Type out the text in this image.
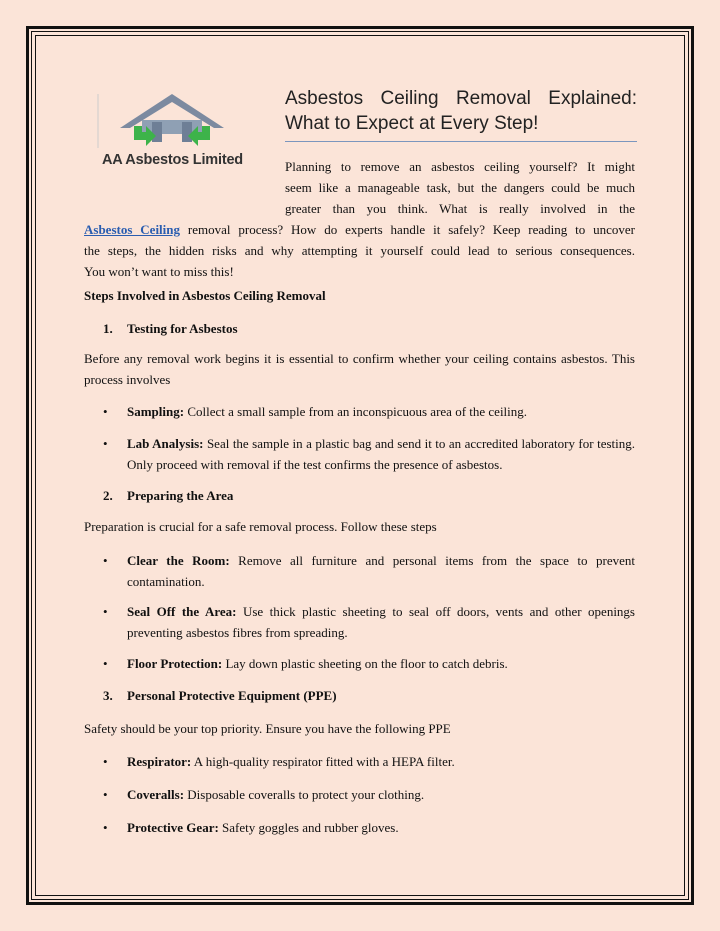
AA Asbestos Limited
Asbestos Ceiling Removal Explained:
What to Expect at Every Step!
Planning to remove an asbestos ceiling yourself? It might
seem like a manageable task, but the dangers could be much
greater than you think. What is really involved in the
Asbestos Ceiling removal process? How do experts handle it safely? Keep reading to uncover
the steps, the hidden risks and why attempting it yourself could lead to serious consequences.
You won’t want to miss this!

Steps Involved in Asbestos Ceiling Removal

1. Testing for Asbestos

Before any removal work begins it is essential to confirm whether your ceiling contains asbestos. This process involves

• Sampling: Collect a small sample from an inconspicuous area of the ceiling.
• Lab Analysis: Seal the sample in a plastic bag and send it to an accredited laboratory for testing. Only proceed with removal if the test confirms the presence of asbestos.
2. Preparing the Area

Preparation is crucial for a safe removal process. Follow these steps

• Clear the Room: Remove all furniture and personal items from the space to prevent contamination.
• Seal Off the Area: Use thick plastic sheeting to seal off doors, vents and other openings preventing asbestos fibres from spreading.
• Floor Protection: Lay down plastic sheeting on the floor to catch debris.
3. Personal Protective Equipment (PPE)

Safety should be your top priority. Ensure you have the following PPE

• Respirator: A high-quality respirator fitted with a HEPA filter.
• Coveralls: Disposable coveralls to protect your clothing.
• Protective Gear: Safety goggles and rubber gloves.
